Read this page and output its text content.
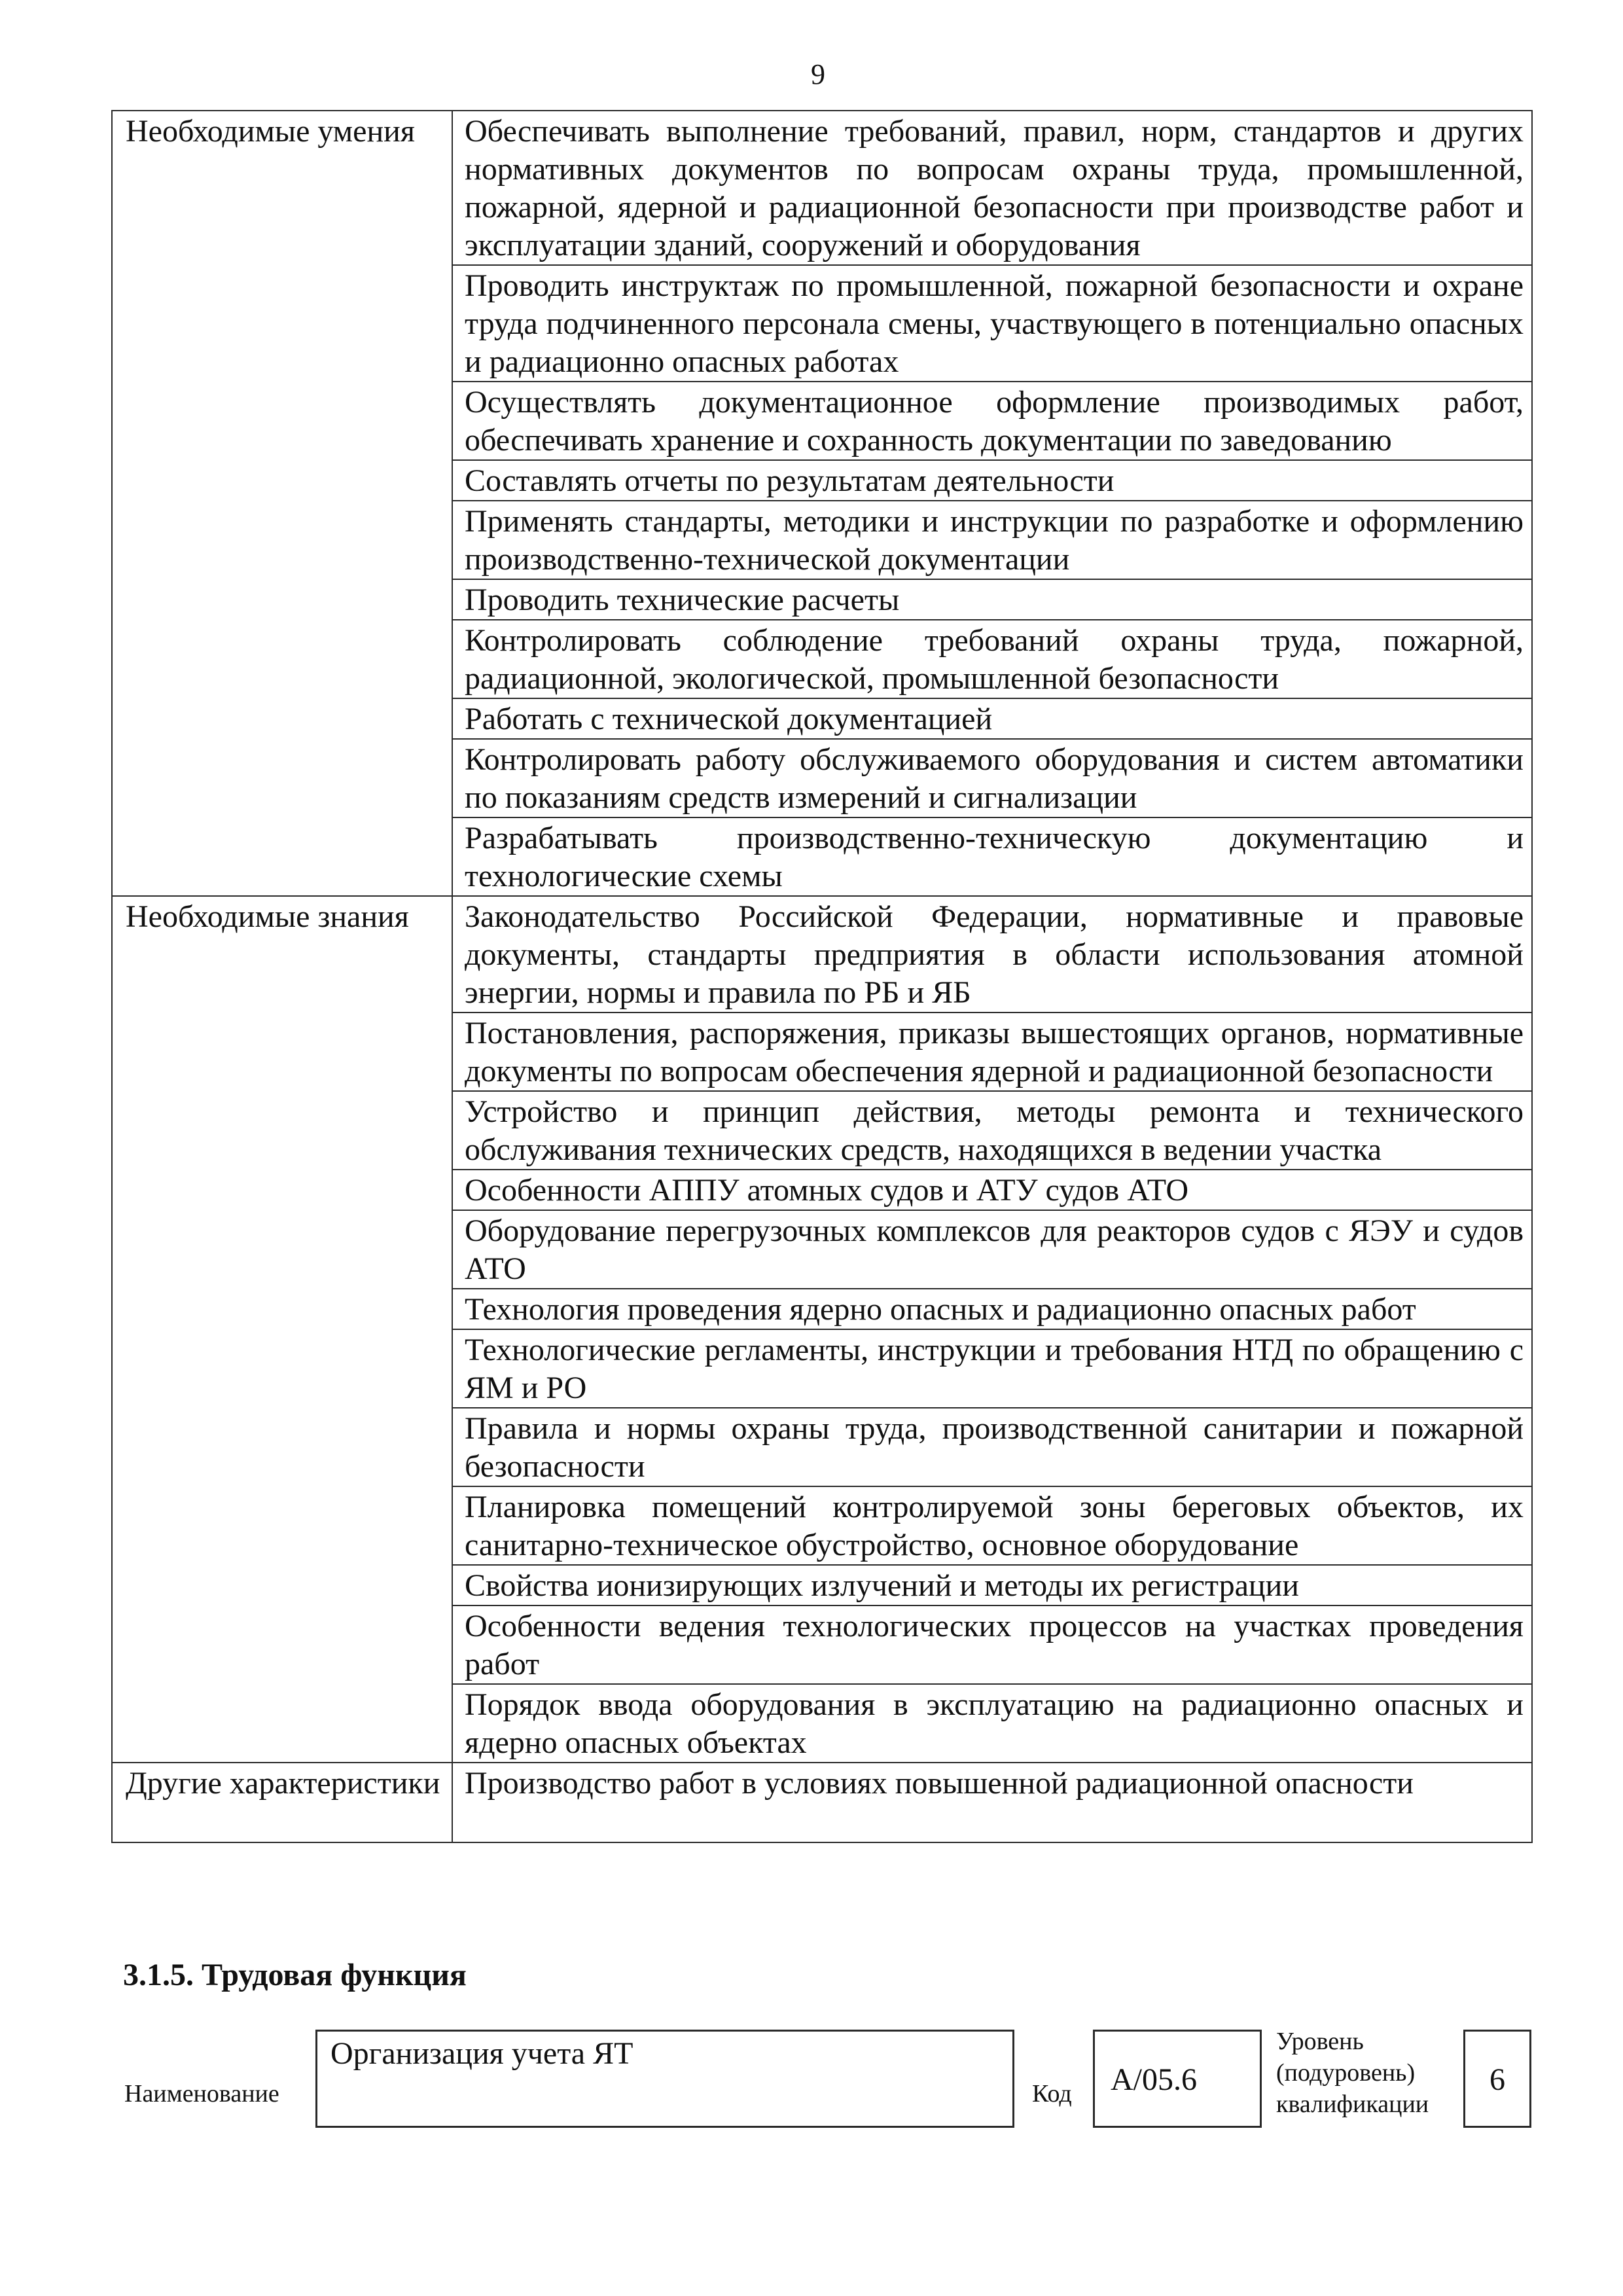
9
Необходимые умения	Обеспечивать выполнение требований, правил, норм, стандартов и других нормативных документов по вопросам охраны труда, промышленной, пожарной, ядерной и радиационной безопасности при производстве работ и эксплуатации зданий, сооружений и оборудования
	Проводить инструктаж по промышленной, пожарной безопасности и охране труда подчиненного персонала смены, участвующего в потенциально опасных и радиационно опасных работах
	Осуществлять документационное оформление производимых работ, обеспечивать хранение и сохранность документации по заведованию
	Составлять отчеты по результатам деятельности
	Применять стандарты, методики и инструкции по разработке и оформлению производственно-технической документации
	Проводить технические расчеты
	Контролировать соблюдение требований охраны труда, пожарной, радиационной, экологической, промышленной безопасности
	Работать с технической документацией
	Контролировать работу обслуживаемого оборудования и систем автоматики по показаниям средств измерений и сигнализации
	Разрабатывать производственно-техническую документацию и технологические схемы
Необходимые знания	Законодательство Российской Федерации, нормативные и правовые документы, стандарты предприятия в области использования атомной энергии, нормы и правила по РБ и ЯБ
	Постановления, распоряжения, приказы вышестоящих органов, нормативные документы по вопросам обеспечения ядерной и радиационной безопасности
	Устройство и принцип действия, методы ремонта и технического обслуживания технических средств, находящихся в ведении участка
	Особенности АППУ атомных судов и АТУ судов АТО
	Оборудование перегрузочных комплексов для реакторов судов с ЯЭУ и судов АТО
	Технология проведения ядерно опасных и радиационно опасных работ
	Технологические регламенты, инструкции и требования НТД по обращению с ЯМ и РО
	Правила и нормы охраны труда, производственной санитарии и пожарной безопасности
	Планировка помещений контролируемой зоны береговых объектов, их санитарно-техническое обустройство, основное оборудование
	Свойства ионизирующих излучений и методы их регистрации
	Особенности ведения технологических процессов на участках проведения работ
	Порядок ввода оборудования в эксплуатацию на радиационно опасных и ядерно опасных объектах
Другие характеристики	Производство работ в условиях повышенной радиационной опасности
3.1.5. Трудовая функция
Наименование
Организация учета ЯТ
Код	A/05.6
Уровень
(подуровень)
квалификации
6
